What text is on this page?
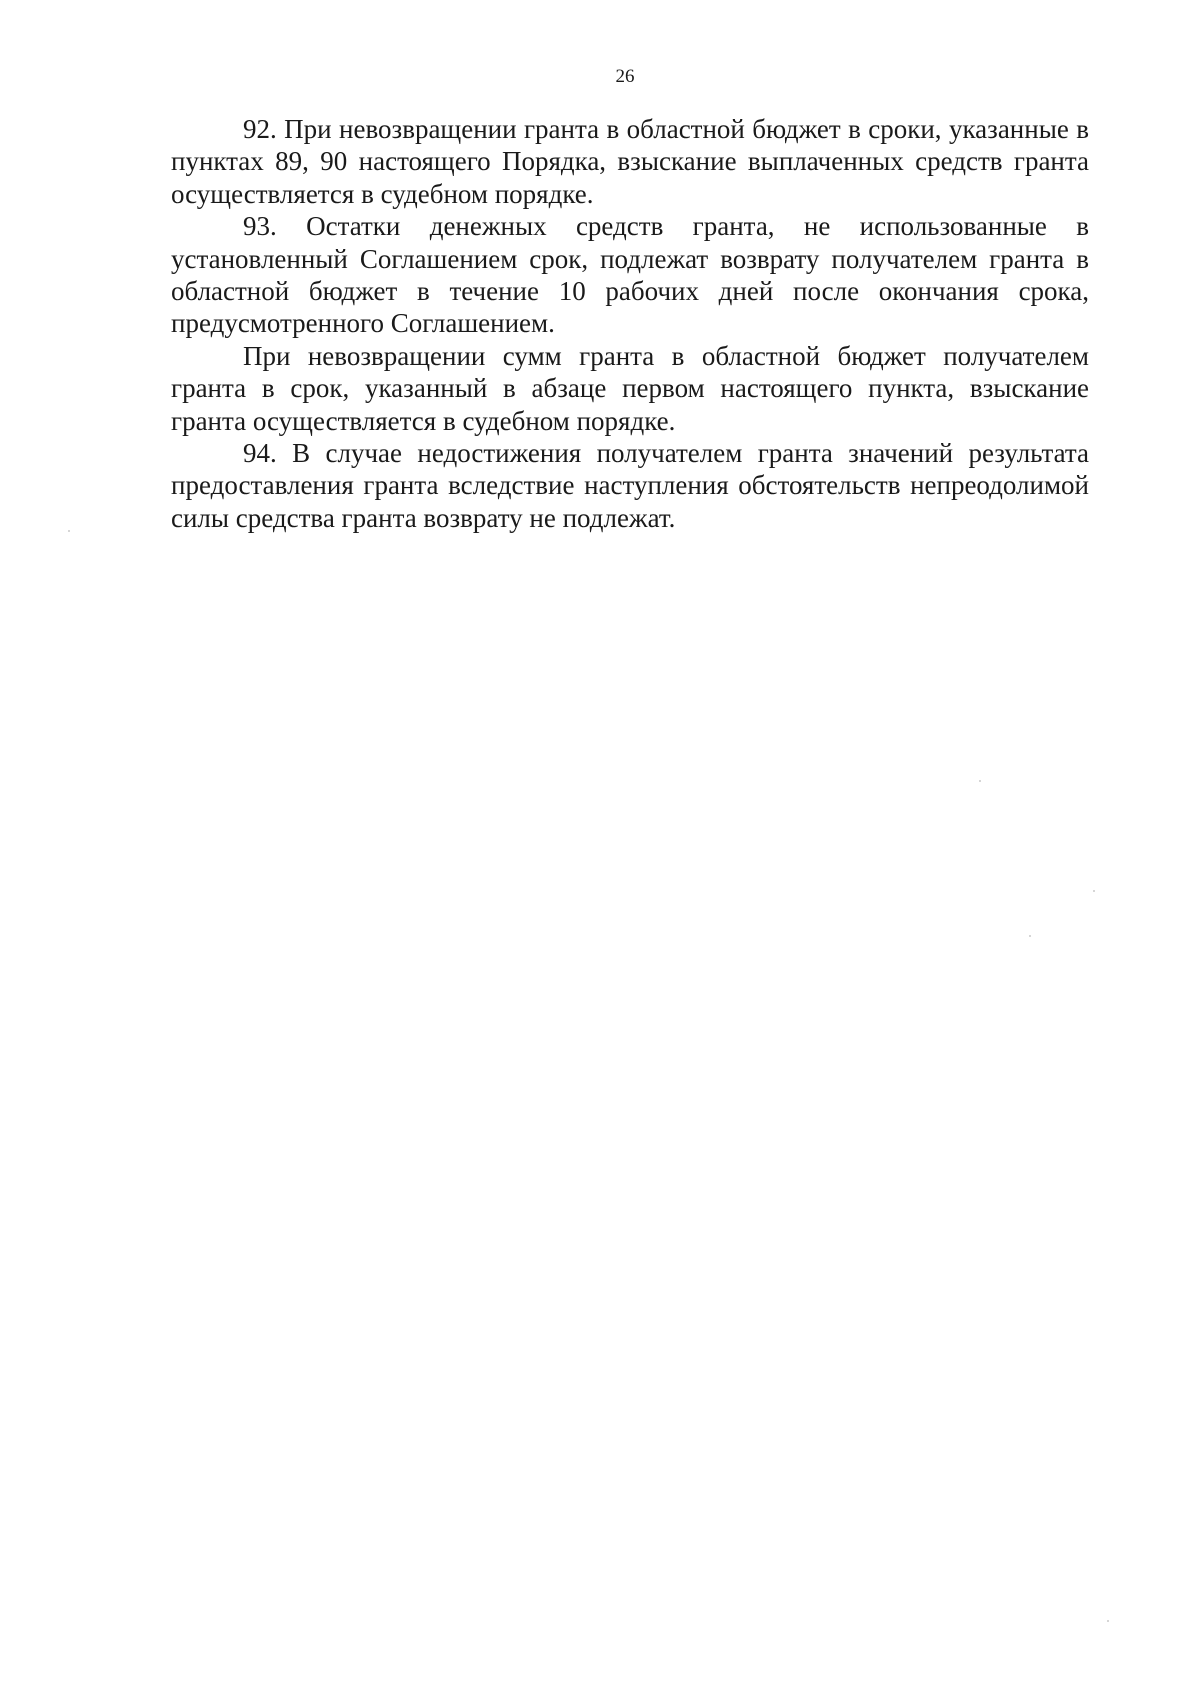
26

92. При невозвращении гранта в областной бюджет в сроки, указанные в пунктах 89, 90 настоящего Порядка, взыскание выплаченных средств гранта осуществляется в судебном порядке.

93. Остатки денежных средств гранта, не использованные в установленный Соглашением срок, подлежат возврату получателем гранта в областной бюджет в течение 10 рабочих дней после окончания срока, предусмотренного Соглашением.

При невозвращении сумм гранта в областной бюджет получателем гранта в срок, указанный в абзаце первом настоящего пункта, взыскание гранта осуществляется в судебном порядке.

94. В случае недостижения получателем гранта значений результата предоставления гранта вследствие наступления обстоятельств непреодолимой силы средства гранта возврату не подлежат.
